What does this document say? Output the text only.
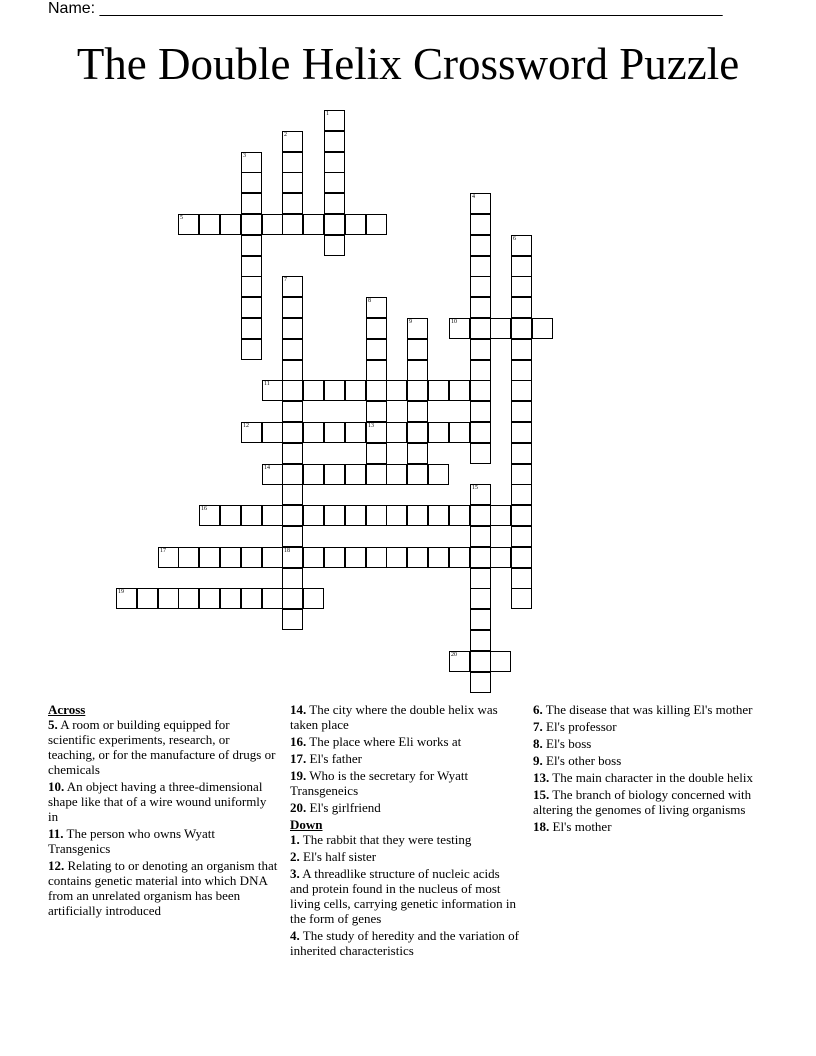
Name: ______________________________________________________________________
The Double Helix Crossword Puzzle
1
2
3
4
5
6
7
18
8
13
9	10
11
12
14
15
16
17
19
20
Across
5. A room or building equipped for scientific experiments, research, or teaching, or for the manufacture of drugs or chemicals
10. An object having a three-dimensional shape like that of a wire wound uniformly in
11. The person who owns Wyatt Transgenics
12. Relating to or denoting an organism that contains genetic material into which DNA from an unrelated organism has been artificially introduced
14. The city where the double helix was taken place
16. The place where Eli works at
17. El's father
19. Who is the secretary for Wyatt Transgeneics
20. El's girlfriend
Down
1. The rabbit that they were testing
2. El's half sister
3. A threadlike structure of nucleic acids and protein found in the nucleus of most living cells, carrying genetic information in the form of genes
4. The study of heredity and the variation of inherited characteristics
6. The disease that was killing El's mother
7. El's professor
8. El's boss
9. El's other boss
13. The main character in the double helix
15. The branch of biology concerned with altering the genomes of living organisms
18. El's mother
